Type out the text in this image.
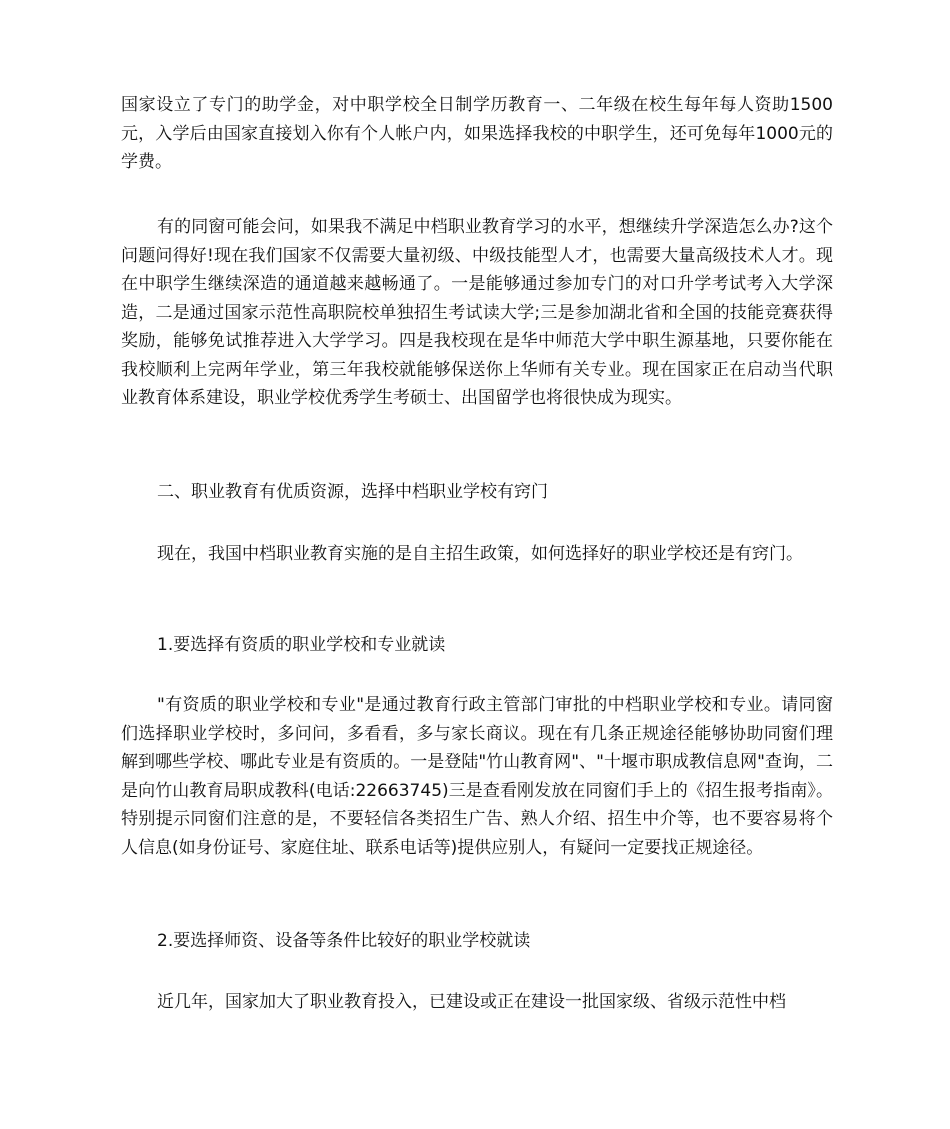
国家设立了专门的助学金，对中职学校全日制学历教育一、二年级在校生每年每人资助1500元，入学后由国家直接划入你有个人帐户内，如果选择我校的中职学生，还可免每年1000元的学费。

有的同窗可能会问，如果我不满足中档职业教育学习的水平，想继续升学深造怎么办?这个问题问得好!现在我们国家不仅需要大量初级、中级技能型人才，也需要大量高级技术人才。现在中职学生继续深造的通道越来越畅通了。一是能够通过参加专门的对口升学考试考入大学深造，二是通过国家示范性高职院校单独招生考试读大学;三是参加湖北省和全国的技能竞赛获得奖励，能够免试推荐进入大学学习。四是我校现在是华中师范大学中职生源基地，只要你能在我校顺利上完两年学业，第三年我校就能够保送你上华师有关专业。现在国家正在启动当代职业教育体系建设，职业学校优秀学生考硕士、出国留学也将很快成为现实。

二、职业教育有优质资源，选择中档职业学校有窍门

现在，我国中档职业教育实施的是自主招生政策，如何选择好的职业学校还是有窍门。

1.要选择有资质的职业学校和专业就读

"有资质的职业学校和专业"是通过教育行政主管部门审批的中档职业学校和专业。请同窗们选择职业学校时，多问问，多看看，多与家长商议。现在有几条正规途径能够协助同窗们理解到哪些学校、哪此专业是有资质的。一是登陆"竹山教育网"、"十堰市职成教信息网"查询，二是向竹山教育局职成教科(电话:22663745)三是查看刚发放在同窗们手上的《招生报考指南》。特别提示同窗们注意的是，不要轻信各类招生广告、熟人介绍、招生中介等，也不要容易将个人信息(如身份证号、家庭住址、联系电话等)提供应别人，有疑问一定要找正规途径。

2.要选择师资、设备等条件比较好的职业学校就读

近几年，国家加大了职业教育投入，已建设或正在建设一批国家级、省级示范性中档
